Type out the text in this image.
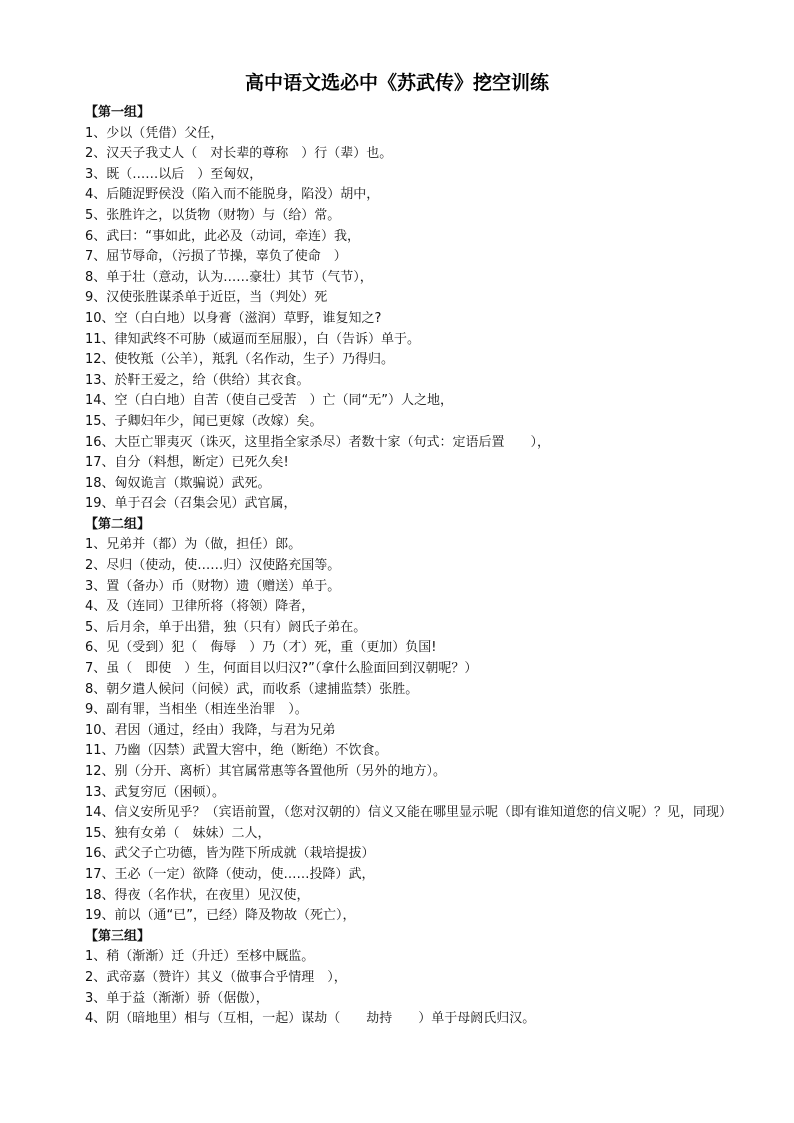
高中语文选必中《苏武传》挖空训练
【第一组】
1、少以（凭借）父任，
2、汉天子我丈人（　对长辈的尊称　）行（辈）也。
3、既（……以后　）至匈奴，
4、后随浞野侯没（陷入而不能脱身，陷没）胡中，
5、张胜许之，以货物（财物）与（给）常。
6、武曰：“事如此，此必及（动词，牵连）我，
7、屈节辱命，（污损了节操，辜负了使命　）
8、单于壮（意动，认为……豪壮）其节（气节），
9、汉使张胜谋杀单于近臣，当（判处）死
10、空（白白地）以身膏（滋润）草野，谁复知之?
11、律知武终不可胁（威逼而至屈服），白（告诉）单于。
12、使牧羝（公羊），羝乳（名作动，生子）乃得归。
13、於靬王爱之，给（供给）其衣食。
14、空（白白地）自苦（使自己受苦　）亡（同“无”）人之地，
15、子卿妇年少，闻已更嫁（改嫁）矣。
16、大臣亡罪夷灭（诛灭，这里指全家杀尽）者数十家（句式：定语后置　　），
17、自分（料想，断定）已死久矣!
18、匈奴诡言（欺骗说）武死。
19、单于召会（召集会见）武官属，
【第二组】
1、兄弟并（都）为（做，担任）郎。
2、尽归（使动，使……归）汉使路充国等。
3、置（备办）币（财物）遗（赠送）单于。
4、及（连同）卫律所将（将领）降者，
5、后月余，单于出猎，独（只有）阏氏子弟在。
6、见（受到）犯（　侮辱　）乃（才）死，重（更加）负国!
7、虽（　即使　）生，何面目以归汉?”（拿什么脸面回到汉朝呢？）
8、朝夕遣人候问（问候）武，而收系（逮捕监禁）张胜。
9、副有罪，当相坐（相连坐治罪　）。
10、君因（通过，经由）我降，与君为兄弟
11、乃幽（囚禁）武置大窖中，绝（断绝）不饮食。
12、别（分开、离析）其官属常惠等各置他所（另外的地方）。
13、武复穷厄（困顿）。
14、信义安所见乎？（宾语前置，（您对汉朝的）信义又能在哪里显示呢（即有谁知道您的信义呢）？见，同现）
15、独有女弟（　妹妹）二人，
16、武父子亡功德，皆为陛下所成就（栽培提拔）
17、王必（一定）欲降（使动，使……投降）武，
18、得夜（名作状，在夜里）见汉使，
19、前以（通“已”，已经）降及物故（死亡），
【第三组】
1、稍（渐渐）迁（升迁）至栘中厩监。
2、武帝嘉（赞许）其义（做事合乎情理　），
3、单于益（渐渐）骄（倨傲），
4、阴（暗地里）相与（互相，一起）谋劫（　　劫持　　）单于母阏氏归汉。
